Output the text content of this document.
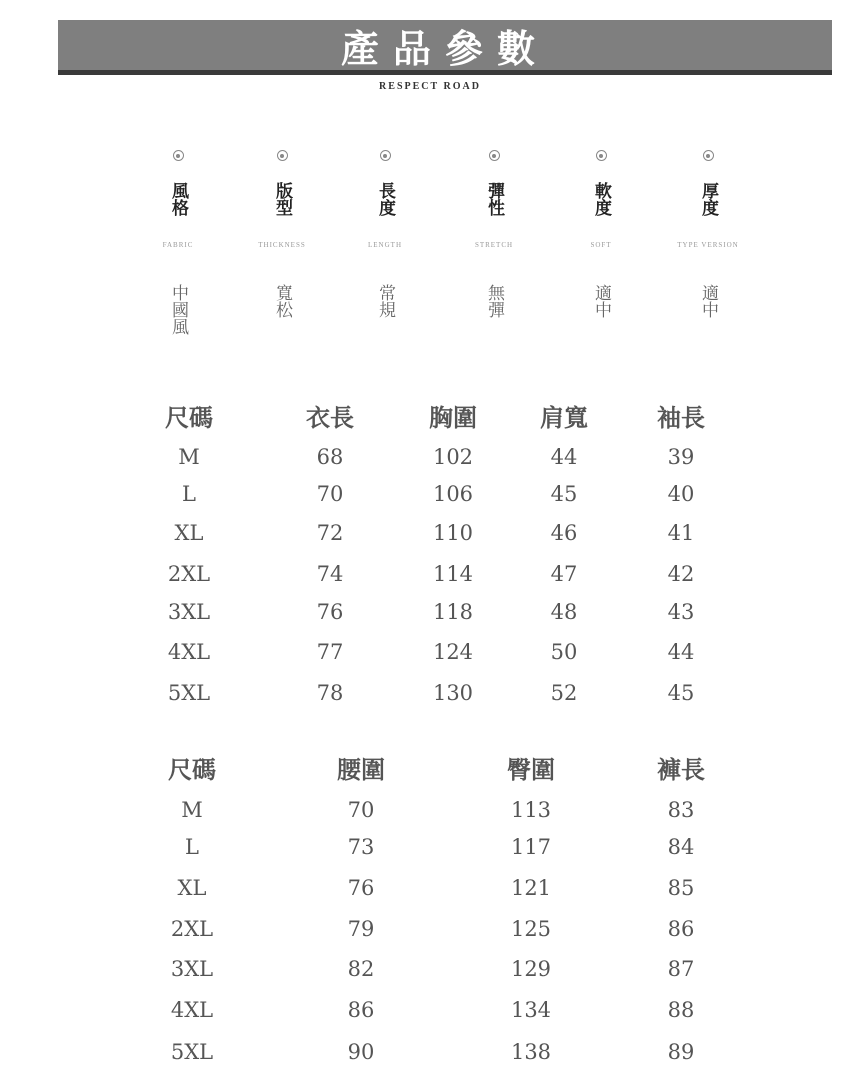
產品參數
RESPECT ROAD
風格
FABRIC
中國風
版型
THICKNESS
寬松
長度
LENGTH
常規
彈性
STRETCH
無彈
軟度
SOFT
適中
厚度
TYPE VERSION
適中
尺碼	衣長	胸圍	肩寬	袖長
M	68	102	44	39
L	70	106	45	40
XL	72	110	46	41
2XL	74	114	47	42
3XL	76	118	48	43
4XL	77	124	50	44
5XL	78	130	52	45
尺碼	腰圍	臀圍	褲長
M	70	113	83
L	73	117	84
XL	76	121	85
2XL	79	125	86
3XL	82	129	87
4XL	86	134	88
5XL	90	138	89
